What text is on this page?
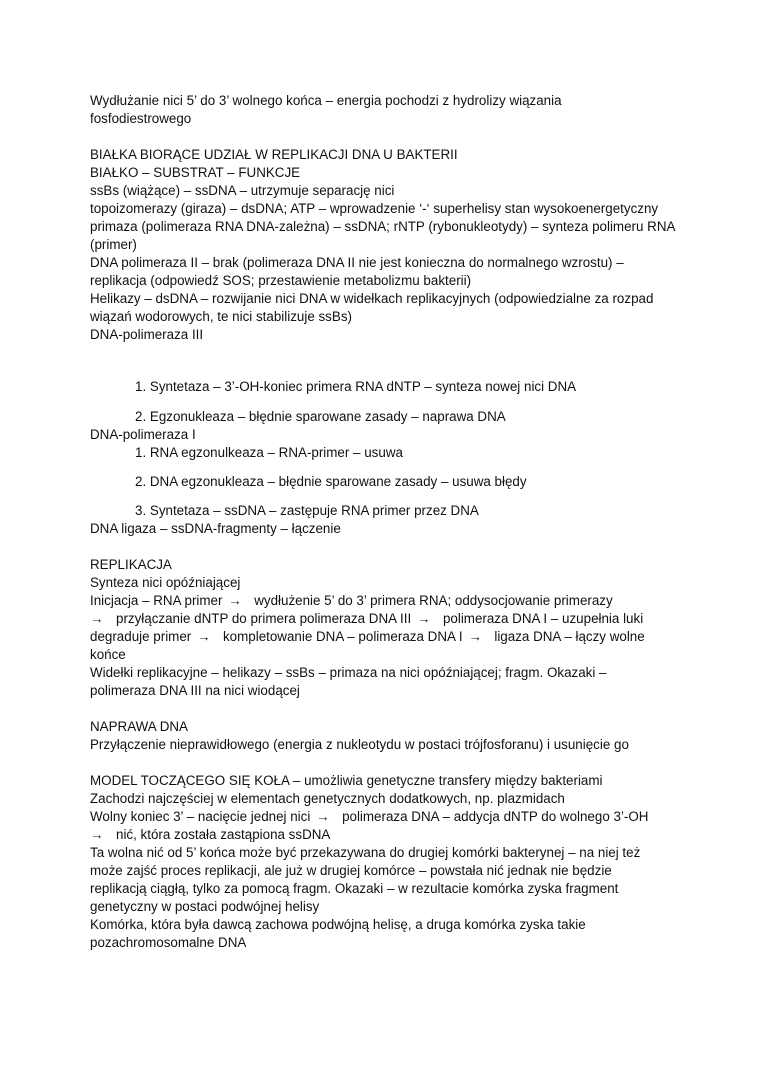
Wydłużanie nici 5’ do 3’ wolnego końca – energia pochodzi z hydrolizy wiązania
fosfodiestrowego
BIAŁKA BIORĄCE UDZIAŁ W REPLIKACJI DNA U BAKTERII
BIAŁKO – SUBSTRAT – FUNKCJE
ssBs (wiążące) – ssDNA – utrzymuje separację nici
topoizomerazy (giraza) – dsDNA; ATP – wprowadzenie ‘-‘ superhelisy stan wysokoenergetyczny
primaza (polimeraza RNA DNA-zależna) – ssDNA; rNTP (rybonukleotydy) – synteza polimeru RNA
(primer)
DNA polimeraza II – brak (polimeraza DNA II nie jest konieczna do normalnego wzrostu) –
replikacja (odpowiedź SOS; przestawienie metabolizmu bakterii)
Helikazy – dsDNA – rozwijanie nici DNA w widełkach replikacyjnych (odpowiedzialne za rozpad
wiązań wodorowych, te nici stabilizuje ssBs)
DNA-polimeraza III
1. Syntetaza – 3’-OH-koniec primera RNA dNTP – synteza nowej nici DNA
2. Egzonukleaza – błędnie sparowane zasady – naprawa DNA
DNA-polimeraza I
1. RNA egzonulkeaza – RNA-primer – usuwa
2. DNA egzonukleaza – błędnie sparowane zasady – usuwa błędy
3. Syntetaza – ssDNA – zastępuje RNA primer przez DNA
DNA ligaza – ssDNA-fragmenty – łączenie
REPLIKACJA
Synteza nici opóźniającej
Inicjacja – RNA primer → wydłużenie 5’ do 3’ primera RNA; oddysocjowanie primerazy
→ przyłączanie dNTP do primera polimeraza DNA III → polimeraza DNA I – uzupełnia luki
degraduje primer → kompletowanie DNA – polimeraza DNA I → ligaza DNA – łączy wolne
końce
Widełki replikacyjne – helikazy – ssBs – primaza na nici opóźniającej; fragm. Okazaki –
polimeraza DNA III na nici wiodącej
NAPRAWA DNA
Przyłączenie nieprawidłowego (energia z nukleotydu w postaci trójfosforanu) i usunięcie go
MODEL TOCZĄCEGO SIĘ KOŁA – umożliwia genetyczne transfery między bakteriami
Zachodzi najczęściej w elementach genetycznych dodatkowych, np. plazmidach
Wolny koniec 3’ – nacięcie jednej nici → polimeraza DNA – addycja dNTP do wolnego 3’-OH
→ nić, która została zastąpiona ssDNA
Ta wolna nić od 5’ końca może być przekazywana do drugiej komórki bakterynej – na niej też
może zajść proces replikacji, ale już w drugiej komórce – powstała nić jednak nie będzie
replikacją ciągłą, tylko za pomocą fragm. Okazaki – w rezultacie komórka zyska fragment
genetyczny w postaci podwójnej helisy
Komórka, która była dawcą zachowa podwójną helisę, a druga komórka zyska takie
pozachromosomalne DNA
